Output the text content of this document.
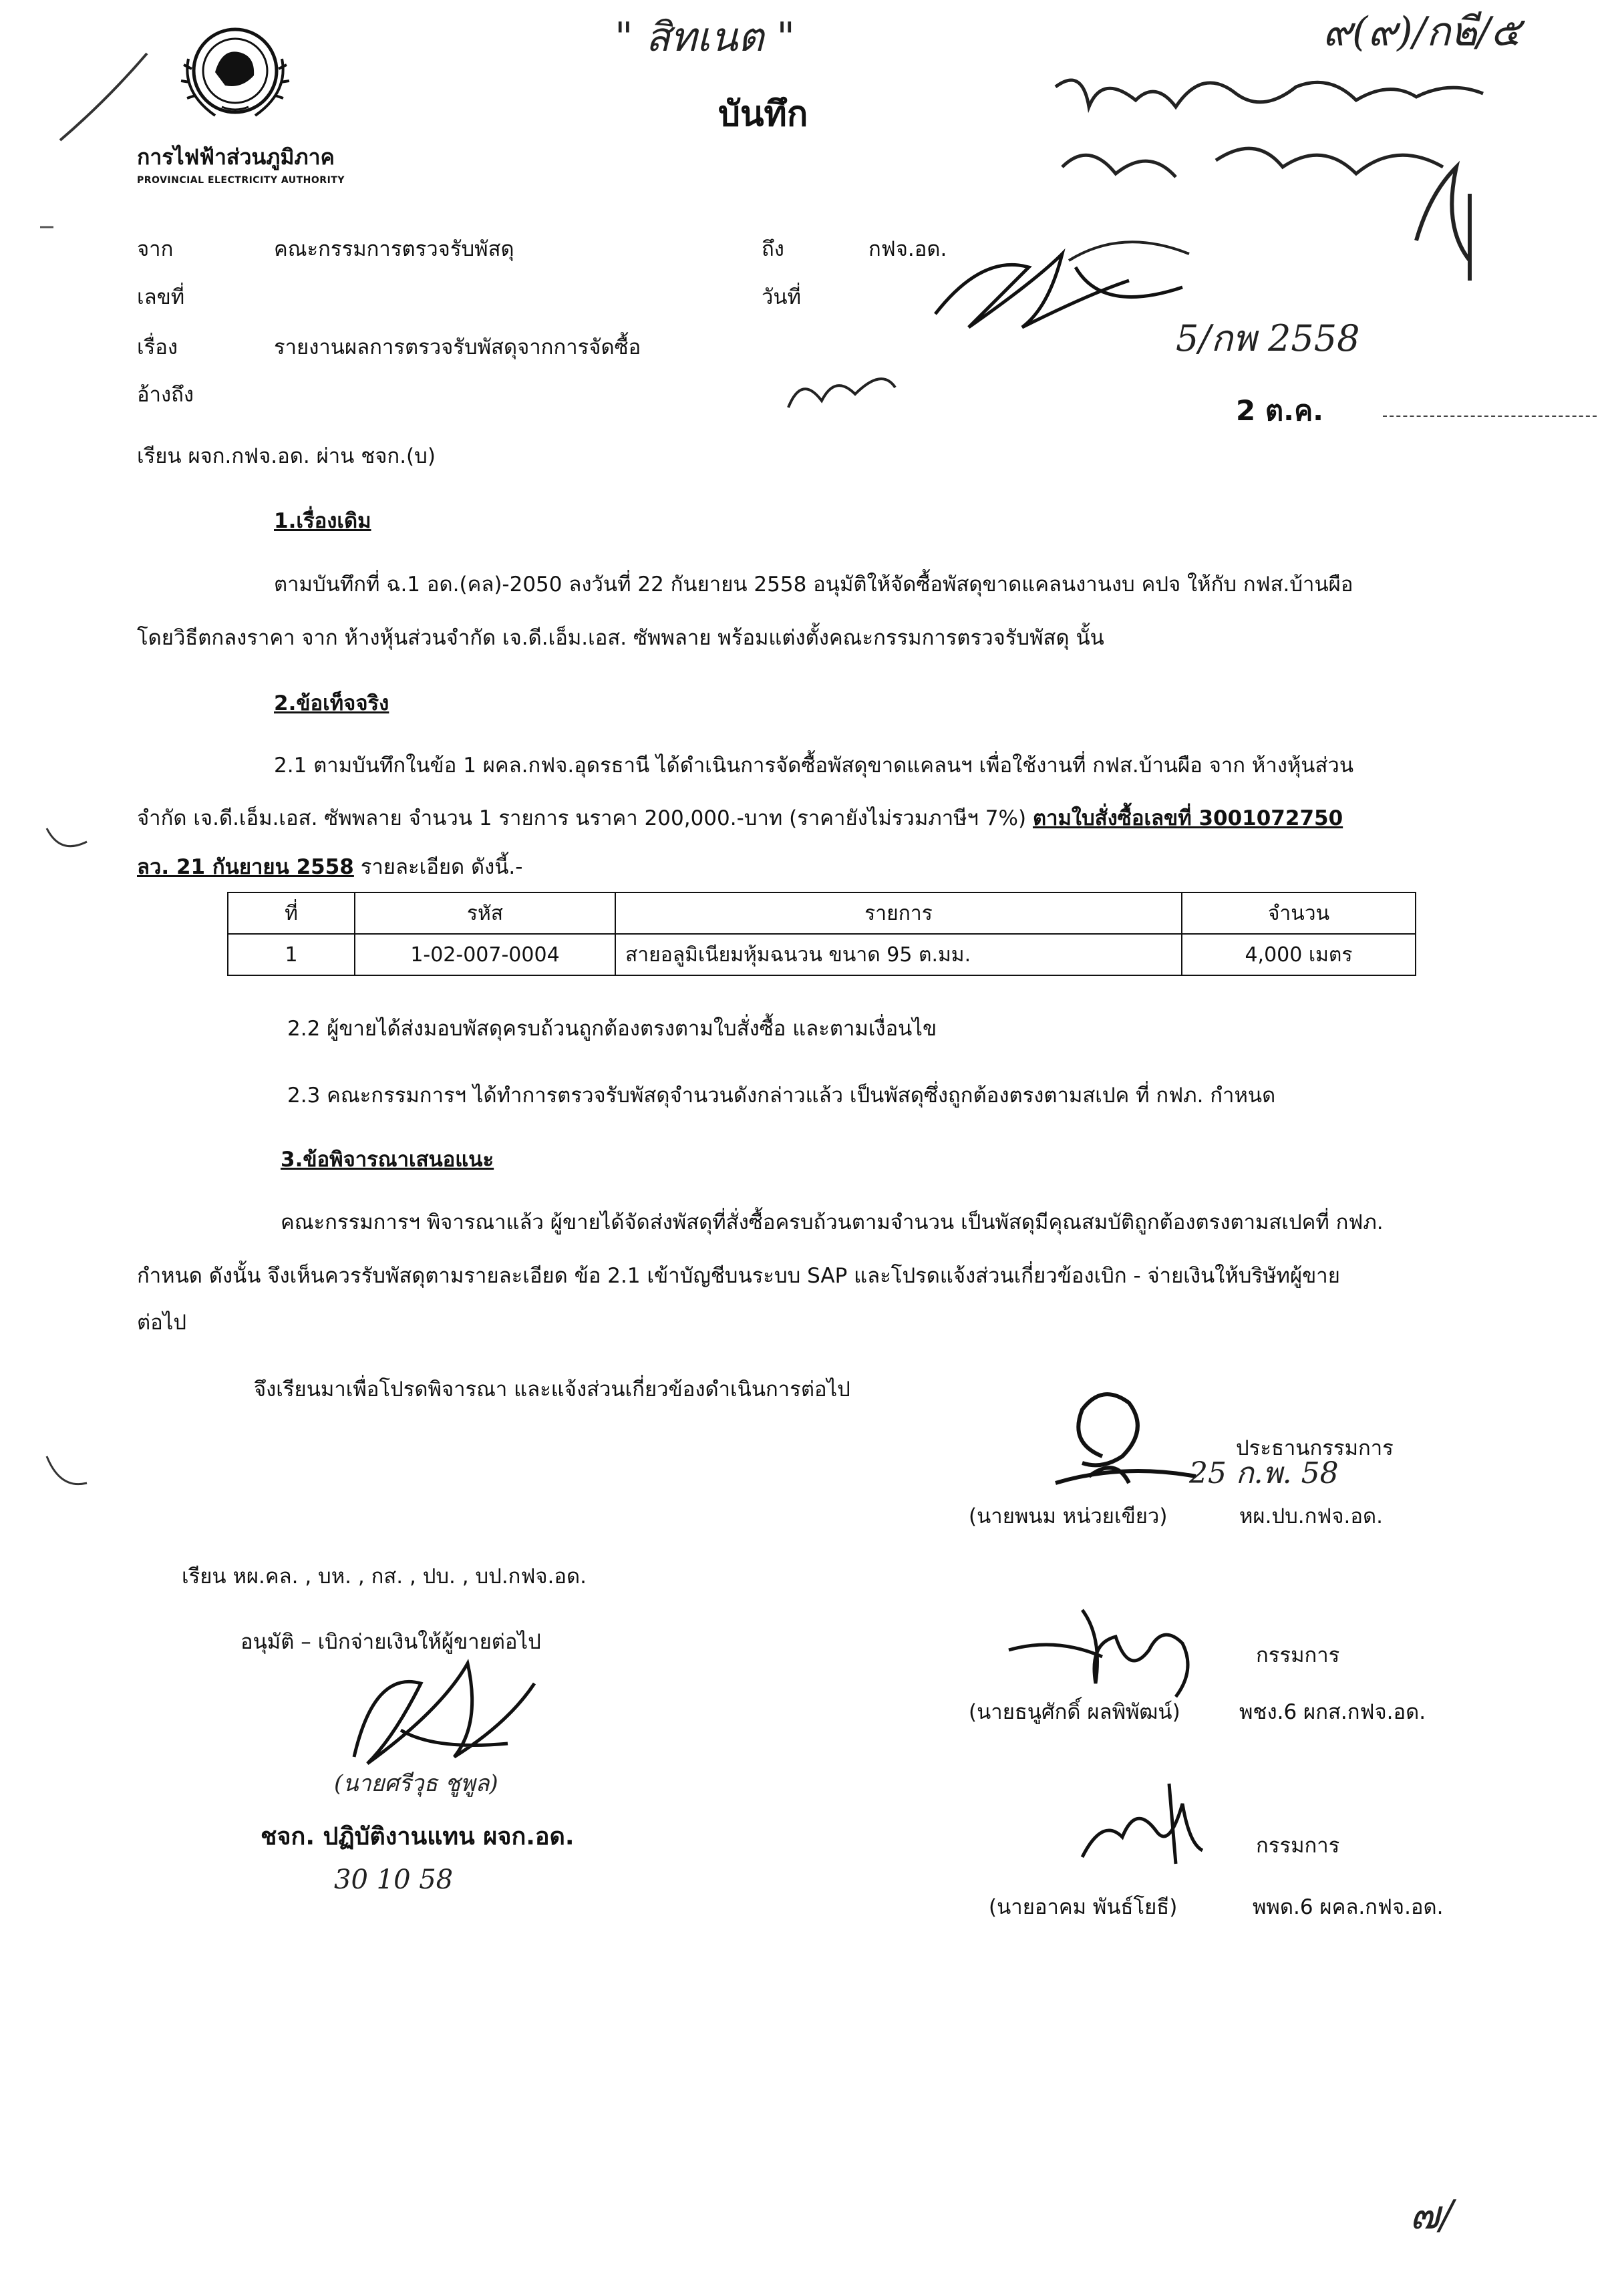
การไฟฟ้าส่วนภูมิภาค
PROVINCIAL ELECTRICITY AUTHORITY
" สิทเนต "
บันทึก
๙(๙)/ก๒ี/๕
จาก	คณะกรรมการตรวจรับพัสดุ	ถึง	กฟจ.อด.
เลขที่	วันที่
เรื่อง	รายงานผลการตรวจรับพัสดุจากการจัดซื้อ
อ้างถึง
5/กพ 2558
2 ต.ค.
เรียน ผจก.กฟจ.อด. ผ่าน ชจก.(บ)
1.เรื่องเดิม
ตามบันทึกที่ ฉ.1 อด.(คล)-2050 ลงวันที่ 22 กันยายน 2558 อนุมัติให้จัดซื้อพัสดุขาดแคลนงานงบ คปจ ให้กับ กฟส.บ้านผือ
โดยวิธีตกลงราคา จาก ห้างหุ้นส่วนจำกัด เจ.ดี.เอ็ม.เอส. ซัพพลาย พร้อมแต่งตั้งคณะกรรมการตรวจรับพัสดุ นั้น
2.ข้อเท็จจริง
2.1 ตามบันทึกในข้อ 1 ผคล.กฟจ.อุดรธานี ได้ดำเนินการจัดซื้อพัสดุขาดแคลนฯ เพื่อใช้งานที่ กฟส.บ้านผือ จาก ห้างหุ้นส่วน
จำกัด เจ.ดี.เอ็ม.เอส. ซัพพลาย จำนวน 1 รายการ นราคา 200,000.-บาท (ราคายังไม่รวมภาษีฯ 7%) ตามใบสั่งซื้อเลขที่ 3001072750
ลว. 21 กันยายน 2558 รายละเอียด ดังนี้.-
ที่	รหัส	รายการ	จำนวน
1	1-02-007-0004	สายอลูมิเนียมหุ้มฉนวน ขนาด 95 ต.มม.	4,000 เมตร
2.2 ผู้ขายได้ส่งมอบพัสดุครบถ้วนถูกต้องตรงตามใบสั่งซื้อ และตามเงื่อนไข
2.3 คณะกรรมการฯ ได้ทำการตรวจรับพัสดุจำนวนดังกล่าวแล้ว เป็นพัสดุซึ่งถูกต้องตรงตามสเปค ที่ กฟภ. กำหนด
3.ข้อพิจารณาเสนอแนะ
คณะกรรมการฯ พิจารณาแล้ว ผู้ขายได้จัดส่งพัสดุที่สั่งซื้อครบถ้วนตามจำนวน เป็นพัสดุมีคุณสมบัติถูกต้องตรงตามสเปคที่ กฟภ.
กำหนด ดังนั้น จึงเห็นควรรับพัสดุตามรายละเอียด ข้อ 2.1 เข้าบัญชีบนระบบ SAP และโปรดแจ้งส่วนเกี่ยวข้องเบิก - จ่ายเงินให้บริษัทผู้ขาย
ต่อไป
จึงเรียนมาเพื่อโปรดพิจารณา และแจ้งส่วนเกี่ยวข้องดำเนินการต่อไป
ประธานกรรมการ
25 ก.พ. 58
(นายพนม หน่วยเขียว)	หผ.ปบ.กฟจ.อด.
เรียน หผ.คล. , บห. , กส. , ปบ. , บป.กฟจ.อด.
อนุมัติ – เบิกจ่ายเงินให้ผู้ขายต่อไป
(นายศรีวุธ ชูพูล)
ชจก. ปฏิบัติงานแทน ผจก.อด.
30 10 58
กรรมการ
(นายธนูศักดิ์ ผลพิพัฒน์)	พชง.6 ผกส.กฟจ.อด.
กรรมการ
(นายอาคม พันธ์โยธี)	พพด.6 ผคล.กฟจ.อด.
๗/
